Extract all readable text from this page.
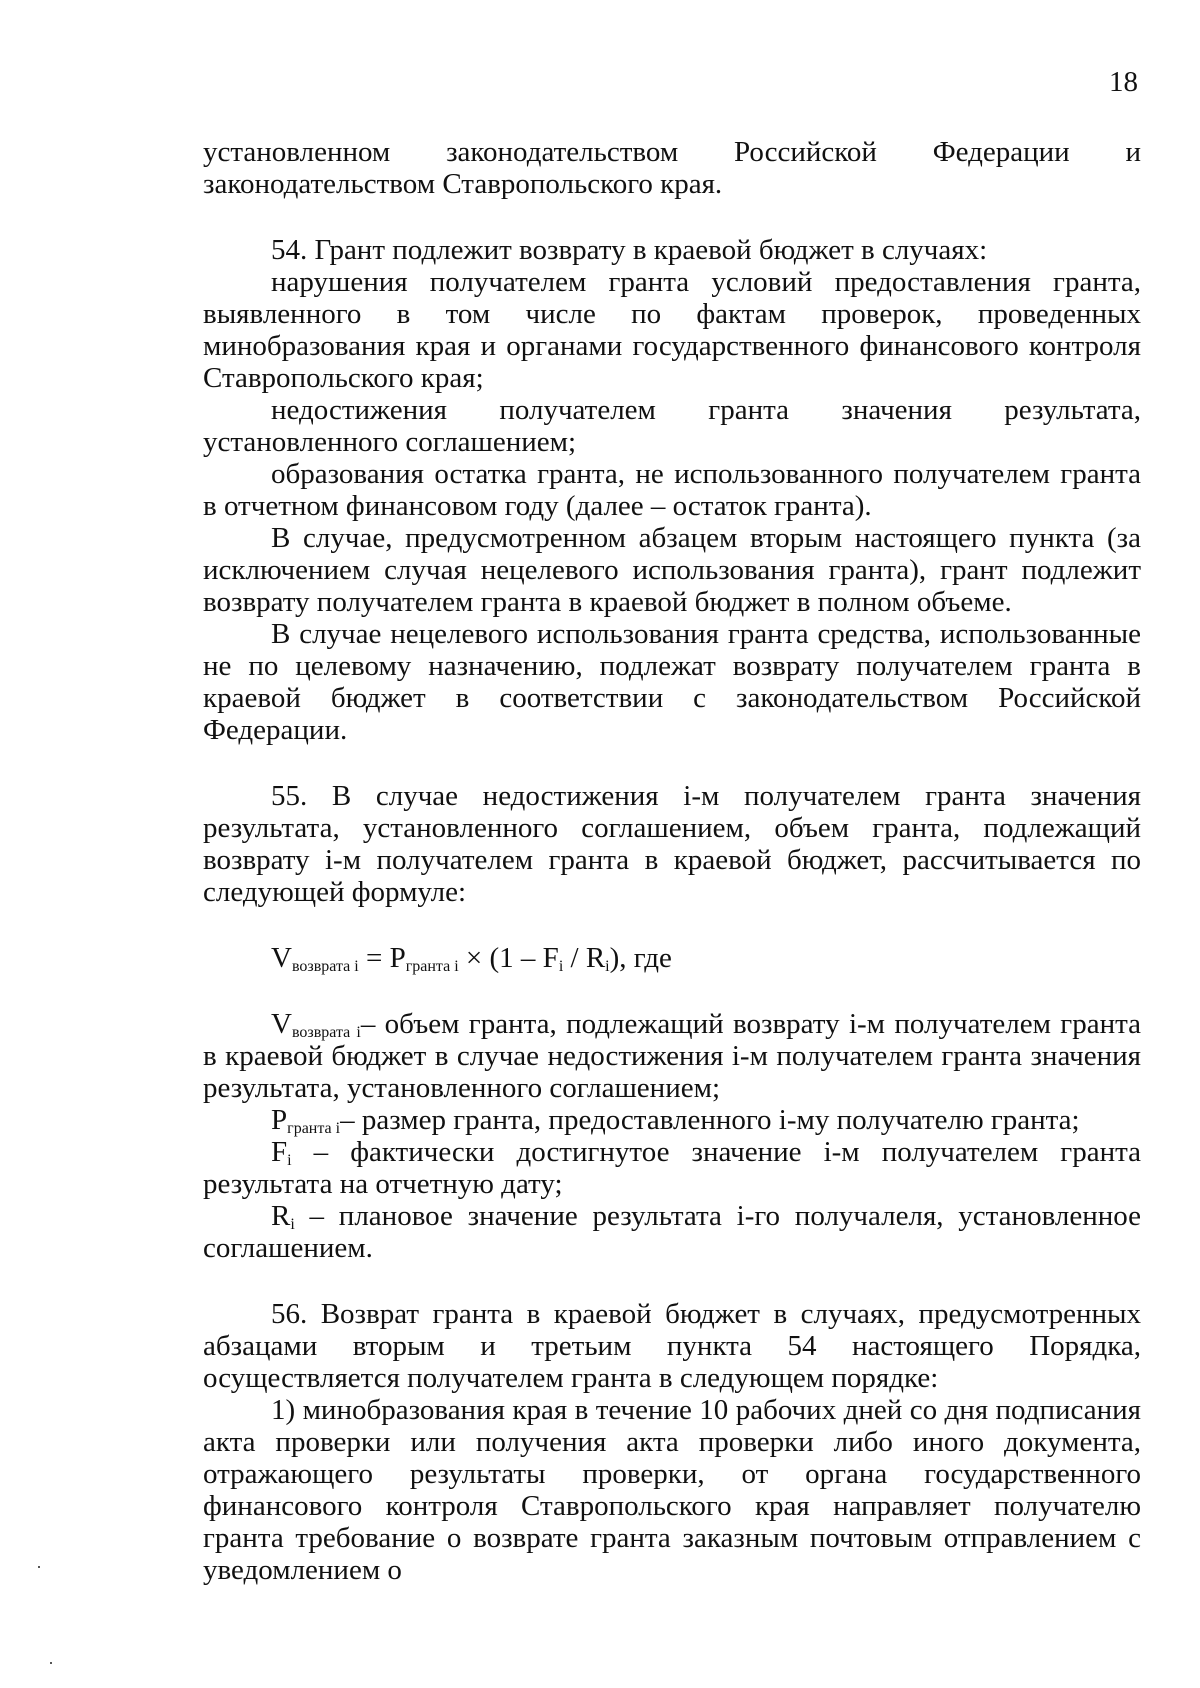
18

установленном законодательством Российской Федерации и законодательством Ставропольского края.

54. Грант подлежит возврату в краевой бюджет в случаях:

нарушения получателем гранта условий предоставления гранта, выявленного в том числе по фактам проверок, проведенных минобразования края и органами государственного финансового контроля Ставропольского края;

недостижения получателем гранта значения результата, установленного соглашением;

образования остатка гранта, не использованного получателем гранта в отчетном финансовом году (далее – остаток гранта).

В случае, предусмотренном абзацем вторым настоящего пункта (за исключением случая нецелевого использования гранта), грант подлежит возврату получателем гранта в краевой бюджет в полном объеме.

В случае нецелевого использования гранта средства, использованные не по целевому назначению, подлежат возврату получателем гранта в краевой бюджет в соответствии с законодательством Российской Федерации.

55. В случае недостижения i-м получателем гранта значения результата, установленного соглашением, объем гранта, подлежащий возврату i-м получателем гранта в краевой бюджет, рассчитывается по следующей формуле:

$V_{возврата i} = P_{гранта i} \times (1 - F_i / R_i)$, где

$V_{возврата i}-$ объем гранта, подлежащий возврату i-м получателем гранта в краевой бюджет в случае недостижения i-м получателем гранта значения результата, установленного соглашением;

$P_{гранта i}-$ размер гранта, предоставленного i-му получателю гранта;

$F_i$ – фактически достигнутое значение i-м получателем гранта результата на отчетную дату;

$R_i$ – плановое значение результата i-го получалеля, установленное соглашением.

56. Возврат гранта в краевой бюджет в случаях, предусмотренных абзацами вторым и третьим пункта 54 настоящего Порядка, осуществляется получателем гранта в следующем порядке:

1) минобразования края в течение 10 рабочих дней со дня подписания акта проверки или получения акта проверки либо иного документа, отражающего результаты проверки, от органа государственного финансового контроля Ставропольского края направляет получателю гранта требование о возврате гранта заказным почтовым отправлением с уведомлением о
